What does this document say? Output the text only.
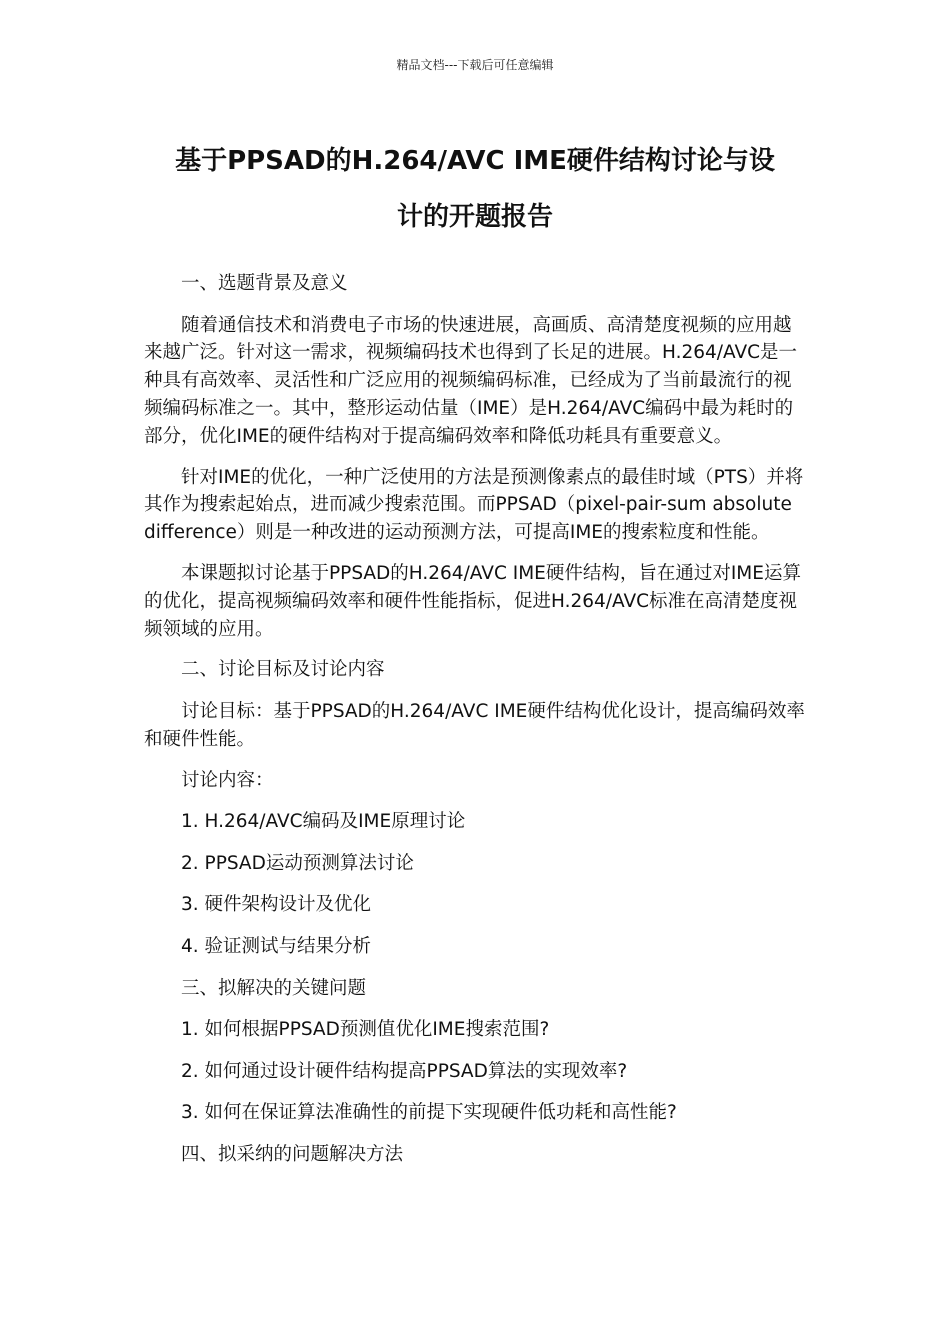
精品文档---下载后可任意编辑
基于PPSAD的H.264/AVC IME硬件结构讨论与设
计的开题报告

一、选题背景及意义

随着通信技术和消费电子市场的快速进展，高画质、高清楚度视频的应用越来越广泛。针对这一需求，视频编码技术也得到了长足的进展。H.264/AVC是一种具有高效率、灵活性和广泛应用的视频编码标准，已经成为了当前最流行的视频编码标准之一。其中，整形运动估量（IME）是H.264/AVC编码中最为耗时的部分，优化IME的硬件结构对于提高编码效率和降低功耗具有重要意义。

针对IME的优化，一种广泛使用的方法是预测像素点的最佳时域（PTS）并将其作为搜索起始点，进而减少搜索范围。而PPSAD（pixel-pair-sum absolute difference）则是一种改进的运动预测方法，可提高IME的搜索粒度和性能。

本课题拟讨论基于PPSAD的H.264/AVC IME硬件结构，旨在通过对IME运算的优化，提高视频编码效率和硬件性能指标，促进H.264/AVC标准在高清楚度视频领域的应用。

二、讨论目标及讨论内容

讨论目标：基于PPSAD的H.264/AVC IME硬件结构优化设计，提高编码效率和硬件性能。

讨论内容：

1. H.264/AVC编码及IME原理讨论

2. PPSAD运动预测算法讨论

3. 硬件架构设计及优化

4. 验证测试与结果分析

三、拟解决的关键问题

1. 如何根据PPSAD预测值优化IME搜索范围?

2. 如何通过设计硬件结构提高PPSAD算法的实现效率?

3. 如何在保证算法准确性的前提下实现硬件低功耗和高性能?

四、拟采纳的问题解决方法
